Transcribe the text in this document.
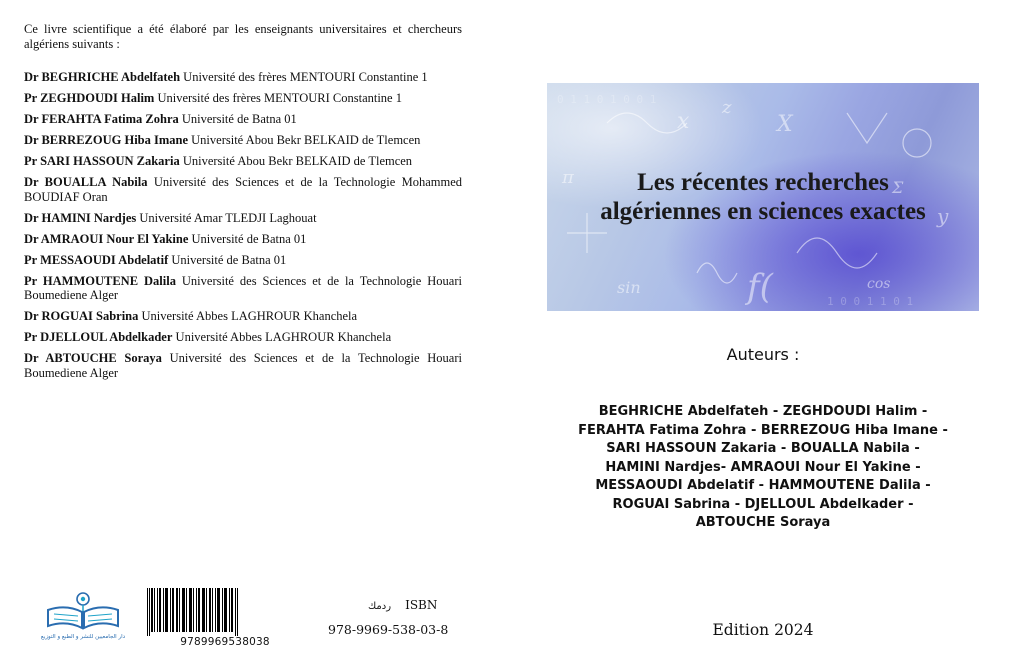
Ce livre scientifique a été élaboré par les enseignants universitaires et chercheurs algériens suivants :

Dr BEGHRICHE Abdelfateh Université des frères MENTOURI Constantine 1
Pr ZEGHDOUDI Halim Université des frères MENTOURI Constantine 1
Dr FERAHTA Fatima Zohra Université de Batna 01
Dr BERREZOUG Hiba Imane Université Abou Bekr BELKAID de Tlemcen
Pr SARI HASSOUN Zakaria Université Abou Bekr BELKAID de Tlemcen
Dr BOUALLA Nabila Université des Sciences et de la Technologie Mohammed BOUDIAF Oran
Dr HAMINI Nardjes Université Amar TLEDJI Laghouat
Dr AMRAOUI Nour El Yakine Université de Batna 01
Pr MESSAOUDI Abdelatif Université de Batna 01
Pr HAMMOUTENE Dalila Université des Sciences et de la Technologie Houari Boumediene Alger
Dr ROGUAI Sabrina Université Abbes LAGHROUR Khanchela
Pr DJELLOUL Abdelkader Université Abbes LAGHROUR Khanchela
Dr ABTOUCHE Soraya Université des Sciences et de la Technologie Houari Boumediene Alger
دار الجامعيين للنشر و الطبع و التوزيع	9789969538038
ردمك ISBN
978-9969-538-03-8
x
z
X
sin	cos
y
π
f(
Σ
0 1 1 0 1 0 0 1
1 0 0 1 1 0 1
Les récentes recherches
algériennes en sciences exactes
Auteurs :
BEGHRICHE Abdelfateh - ZEGHDOUDI Halim -
FERAHTA Fatima Zohra - BERREZOUG Hiba Imane -
SARI HASSOUN Zakaria - BOUALLA Nabila -
HAMINI Nardjes- AMRAOUI Nour El Yakine -
MESSAOUDI Abdelatif - HAMMOUTENE Dalila -
ROGUAI Sabrina - DJELLOUL Abdelkader -
ABTOUCHE Soraya
Edition 2024
